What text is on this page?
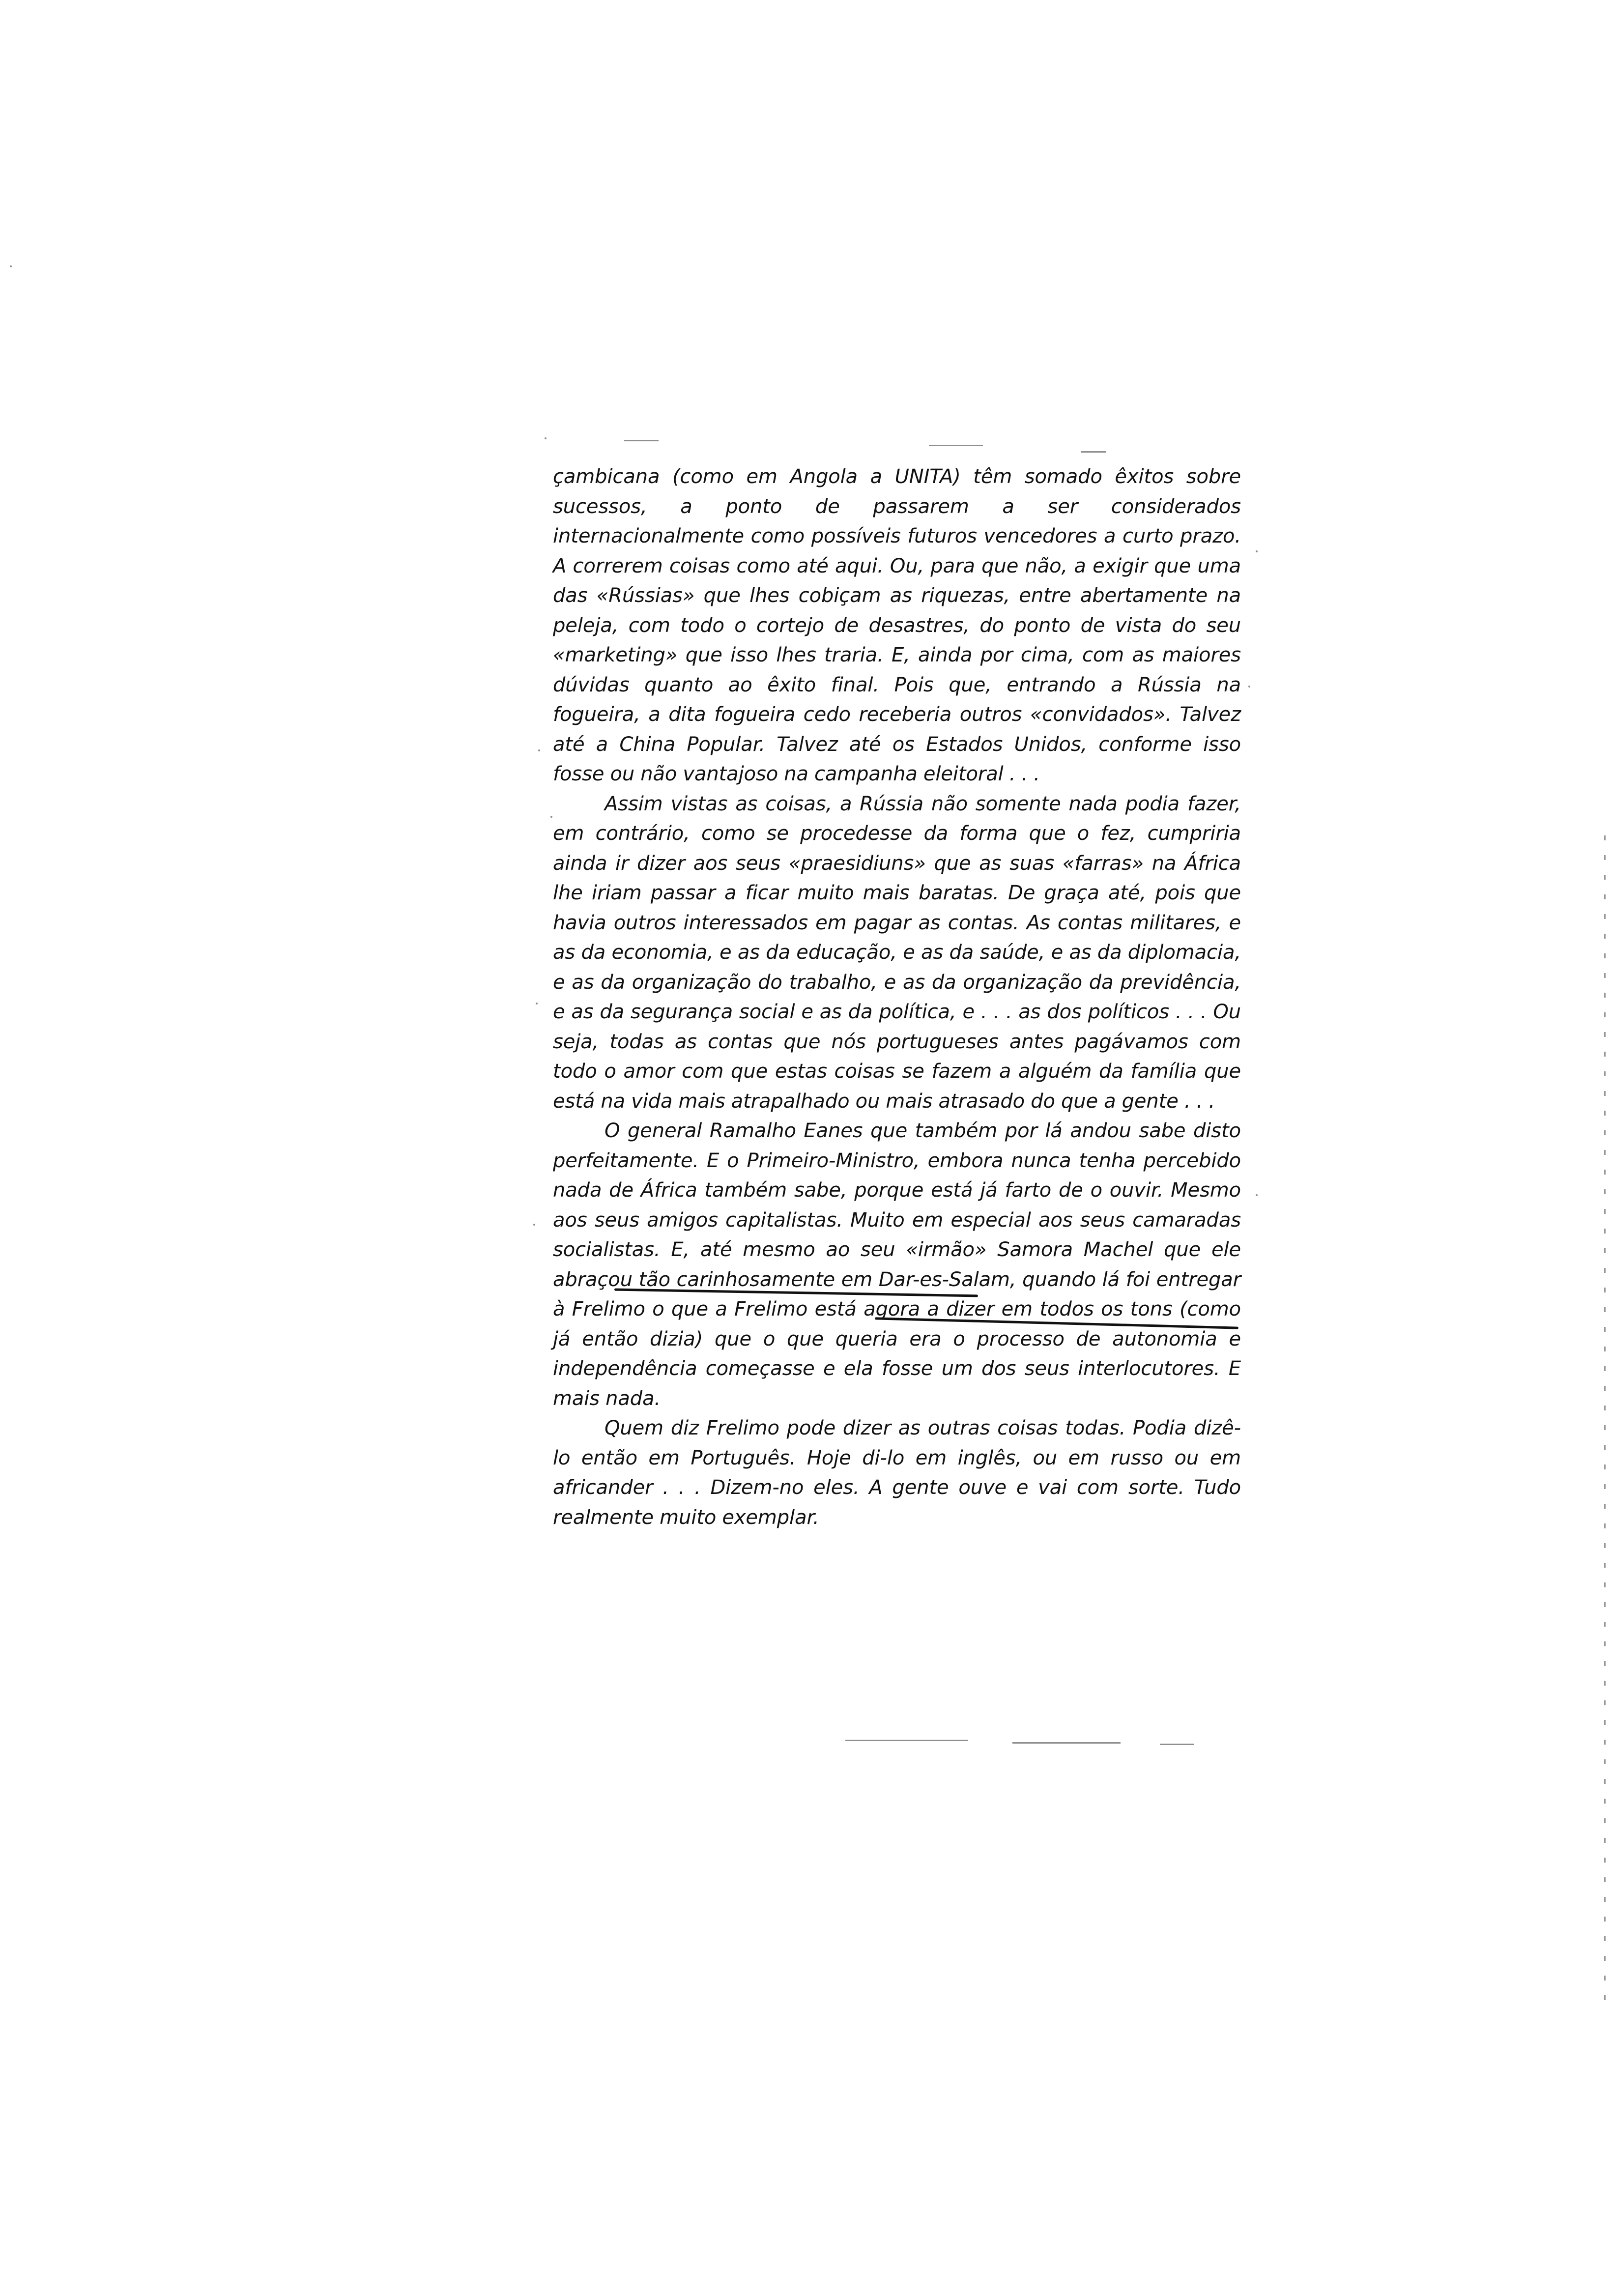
çambicana (como em Angola a UNITA) têm somado êxitos sobre sucessos, a ponto de passarem a ser considerados internacionalmente como possíveis futuros vencedores a curto prazo. A correrem coisas como até aqui. Ou, para que não, a exigir que uma das «Rússias» que lhes cobiçam as riquezas, entre abertamente na peleja, com todo o cortejo de desastres, do ponto de vista do seu «marketing» que isso lhes traria. E, ainda por cima, com as maiores dúvidas quanto ao êxito final. Pois que, entrando a Rússia na fogueira, a dita fogueira cedo receberia outros «convidados». Talvez até a China Popular. Talvez até os Estados Unidos, conforme isso fosse ou não vantajoso na campanha eleitoral . . .

Assim vistas as coisas, a Rússia não somente nada podia fazer, em contrário, como se procedesse da forma que o fez, cumpriria ainda ir dizer aos seus «praesidiuns» que as suas «farras» na África lhe iriam passar a ficar muito mais baratas. De graça até, pois que havia outros interessados em pagar as contas. As contas militares, e as da economia, e as da educação, e as da saúde, e as da diplomacia, e as da organização do trabalho, e as da organização da previdência, e as da segurança social e as da política, e . . . as dos políticos . . . Ou seja, todas as contas que nós portugueses antes pagávamos com todo o amor com que estas coisas se fazem a alguém da família que está na vida mais atrapalhado ou mais atrasado do que a gente . . .

O general Ramalho Eanes que também por lá andou sabe disto perfeitamente. E o Primeiro-Ministro, embora nunca tenha percebido nada de África também sabe, porque está já farto de o ouvir. Mesmo aos seus amigos capitalistas. Muito em especial aos seus camaradas socialistas. E, até mesmo ao seu «irmão» Samora Machel que ele abraçou tão carinhosamente em Dar-es-Salam, quando lá foi entregar à Frelimo o que a Frelimo está agora a dizer em todos os tons (como já então dizia) que o que queria era o processo de autonomia e independência começasse e ela fosse um dos seus interlocutores. E mais nada.

Quem diz Frelimo pode dizer as outras coisas todas. Podia dizê-lo então em Português. Hoje di-lo em inglês, ou em russo ou em africander . . . Dizem-no eles. A gente ouve e vai com sorte. Tudo realmente muito exemplar.
